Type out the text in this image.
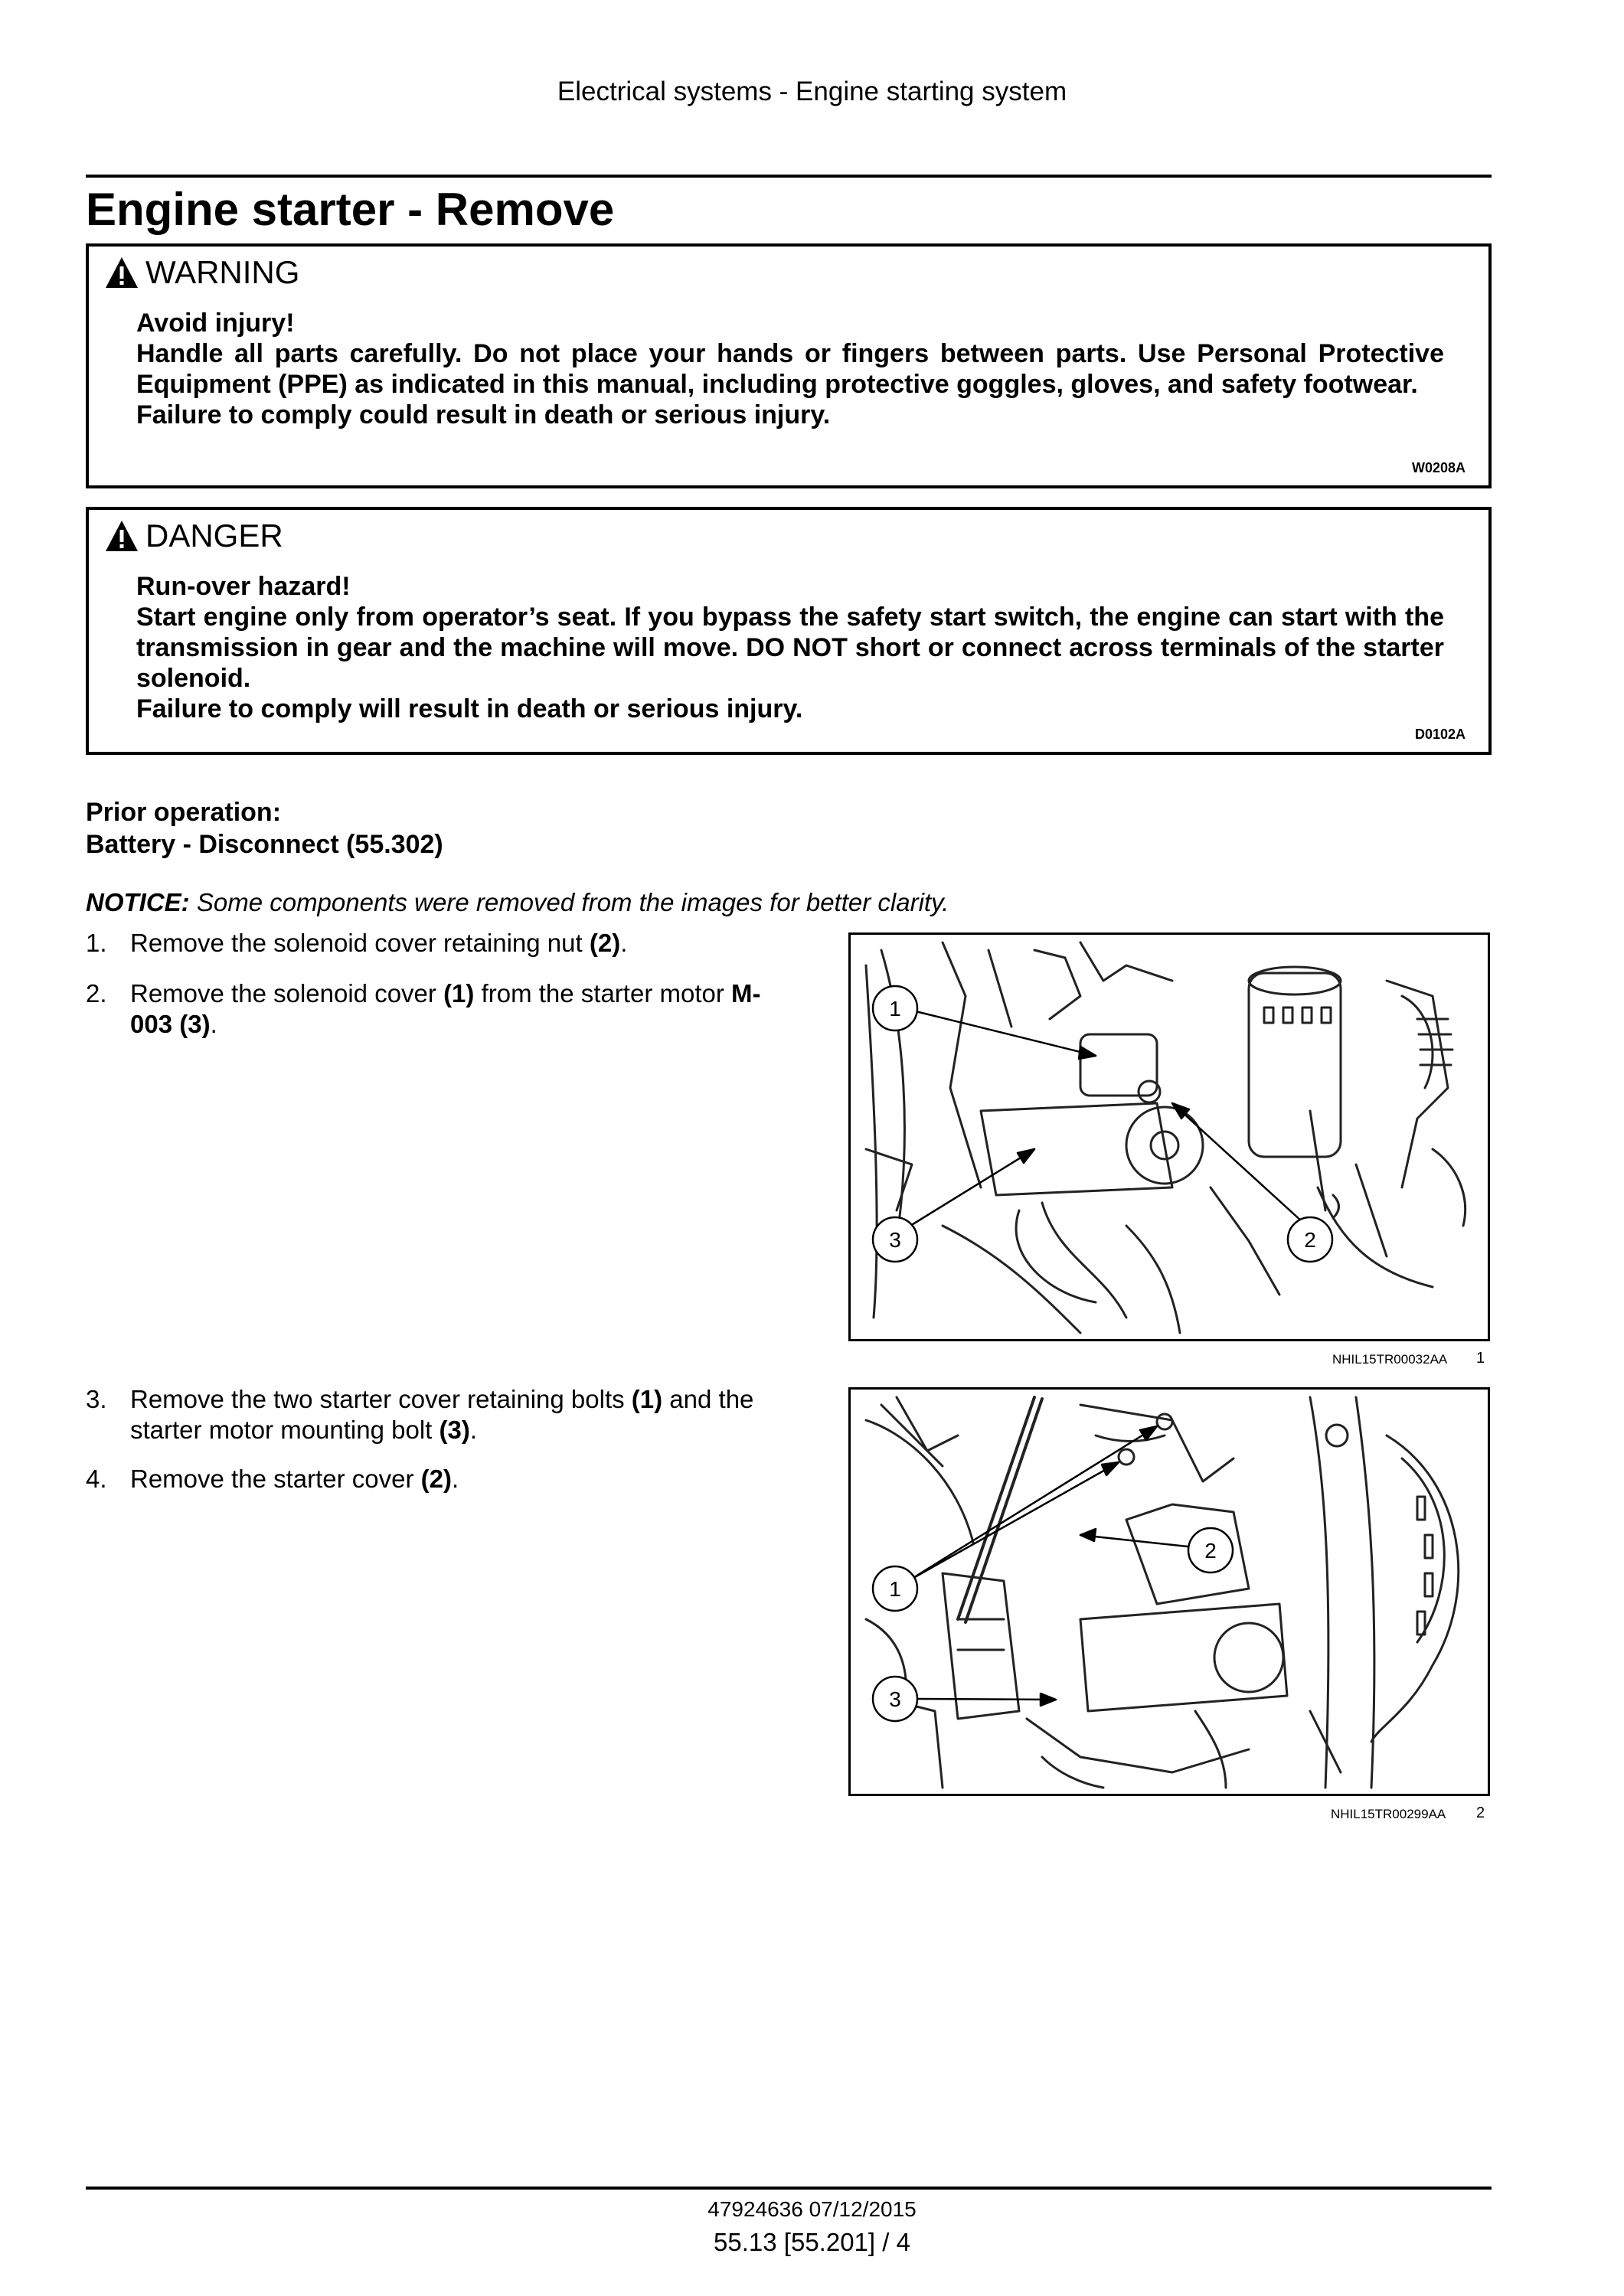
Electrical systems - Engine starting system
Engine starter - Remove
WARNING

Avoid injury!

Handle all parts carefully. Do not place your hands or fingers between parts. Use Personal Protective Equipment (PPE) as indicated in this manual, including protective goggles, gloves, and safety footwear.

Failure to comply could result in death or serious injury.

W0208A
DANGER

Run-over hazard!

Start engine only from operator’s seat. If you bypass the safety start switch, the engine can start with the transmission in gear and the machine will move. DO NOT short or connect across terminals of the starter solenoid.

Failure to comply will result in death or serious injury.

D0102A
Prior operation:
Battery - Disconnect (55.302)
NOTICE: Some components were removed from the images for better clarity.
1. Remove the solenoid cover retaining nut (2).
2. Remove the solenoid cover (1) from the starter motor M-003 (3).
3. Remove the two starter cover retaining bolts (1) and the starter motor mounting bolt (3).
4. Remove the starter cover (2).
1
2
3
NHIL15TR00032AA 1
1
2
3
NHIL15TR00299AA 2
47924636 07/12/2015
55.13 [55.201] / 4
